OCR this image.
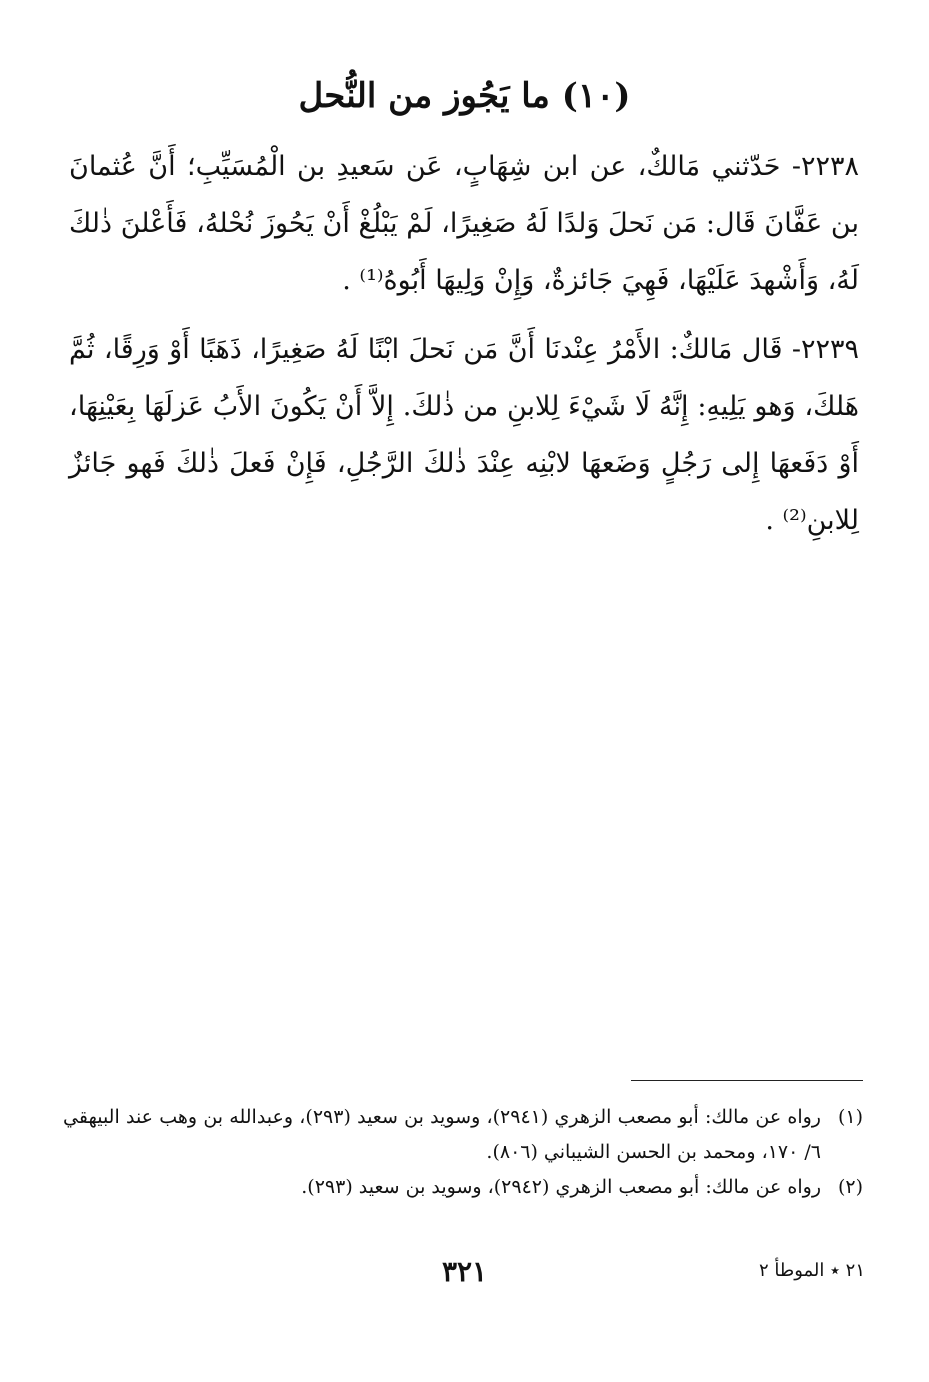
(١٠) ما يَجُوز من النُّحل

٢٢٣٨- حَدّثني مَالكٌ، عن ابن شِهَابٍ، عَن سَعيدِ بن الْمُسَيِّبِ؛ أَنَّ عُثمانَ بن عَفَّانَ قَال: مَن نَحلَ وَلدًا لَهُ صَغِيرًا، لَمْ يَبْلُغْ أَنْ يَحُوزَ نُحْلهُ، فَأَعْلنَ ذٰلكَ لَهُ، وَأَشْهدَ عَلَيْهَا، فَهِيَ جَائزةٌ، وَإِنْ وَلِيهَا أَبُوهُ⁽¹⁾ .

٢٢٣٩- قَال مَالكٌ: الأَمْرُ عِنْدنَا أَنَّ مَن نَحلَ ابْنًا لَهُ صَغِيرًا، ذَهَبًا أَوْ وَرِقًا، ثُمَّ هَلكَ، وَهو يَلِيهِ: إِنَّهُ لَا شَيْءَ لِلابنِ من ذٰلكَ. إِلاَّ أَنْ يَكُونَ الأَبُ عَزلَهَا بِعَيْنِهَا، أَوْ دَفَعهَا إِلى رَجُلٍ وَضَعهَا لابْنِه عِنْدَ ذٰلكَ الرَّجُلِ، فَإِنْ فَعلَ ذٰلكَ فَهو جَائزٌ لِلابنِ⁽²⁾ .

(١)
رواه عن مالك: أبو مصعب الزهري (٢٩٤١)، وسويد بن سعيد (٢٩٣)، وعبدالله بن وهب عند البيهقي ٦/ ١٧٠، ومحمد بن الحسن الشيباني (٨٠٦).
(٢)
رواه عن مالك: أبو مصعب الزهري (٢٩٤٢)، وسويد بن سعيد (٢٩٣).
٣٢١	٢١ ٭ الموطأ ٢
